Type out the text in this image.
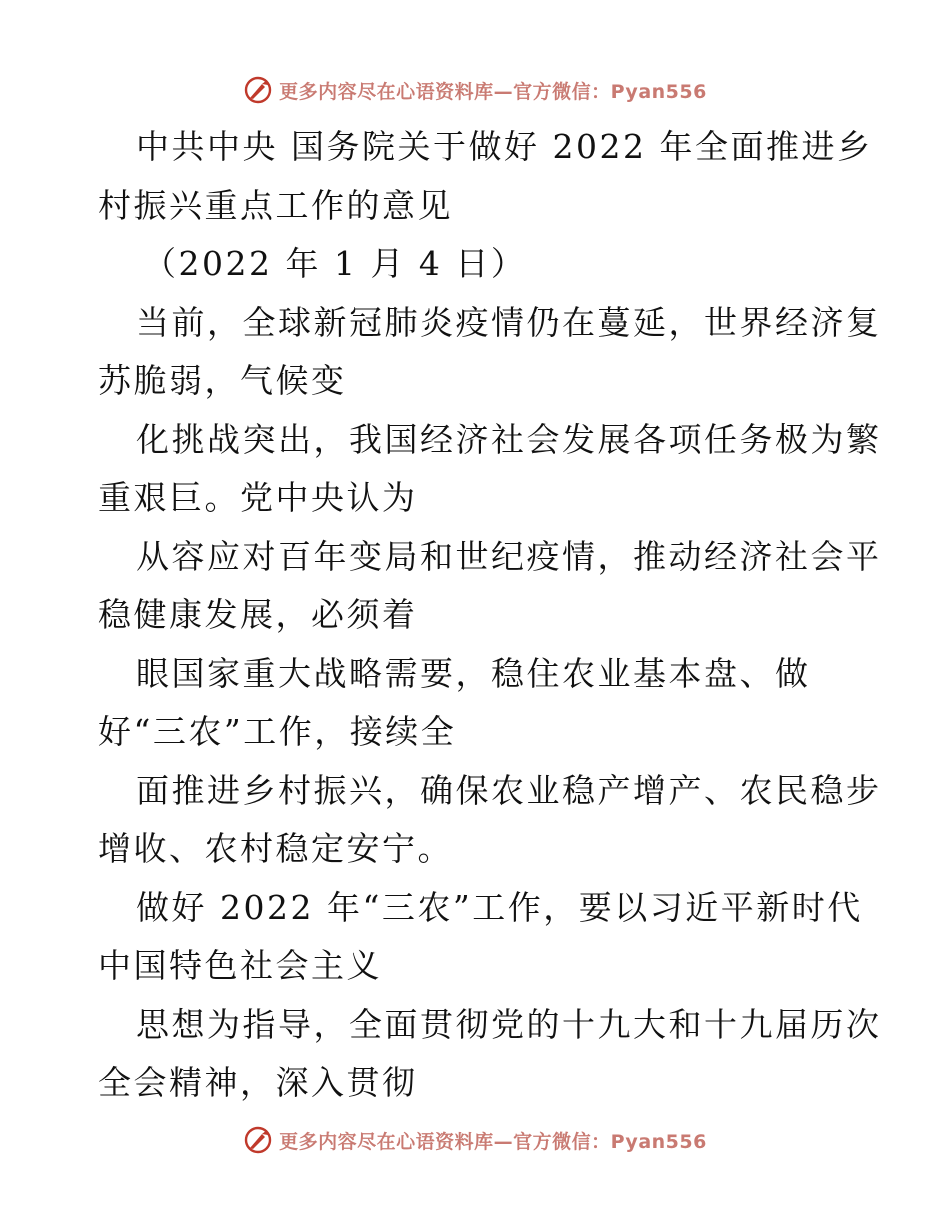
更多内容尽在心语资料库—官方微信：Pyan556
中共中央 国务院关于做好 2022 年全面推进乡
村振兴重点工作的意见
（2022 年 1 月 4 日）
当前，全球新冠肺炎疫情仍在蔓延，世界经济复
苏脆弱，气候变
化挑战突出，我国经济社会发展各项任务极为繁
重艰巨。党中央认为
从容应对百年变局和世纪疫情，推动经济社会平
稳健康发展，必须着
眼国家重大战略需要，稳住农业基本盘、做
好“三农”工作，接续全
面推进乡村振兴，确保农业稳产增产、农民稳步
增收、农村稳定安宁。
做好 2022 年“三农”工作，要以习近平新时代
中国特色社会主义
思想为指导，全面贯彻党的十九大和十九届历次
全会精神，深入贯彻
更多内容尽在心语资料库—官方微信：Pyan556
